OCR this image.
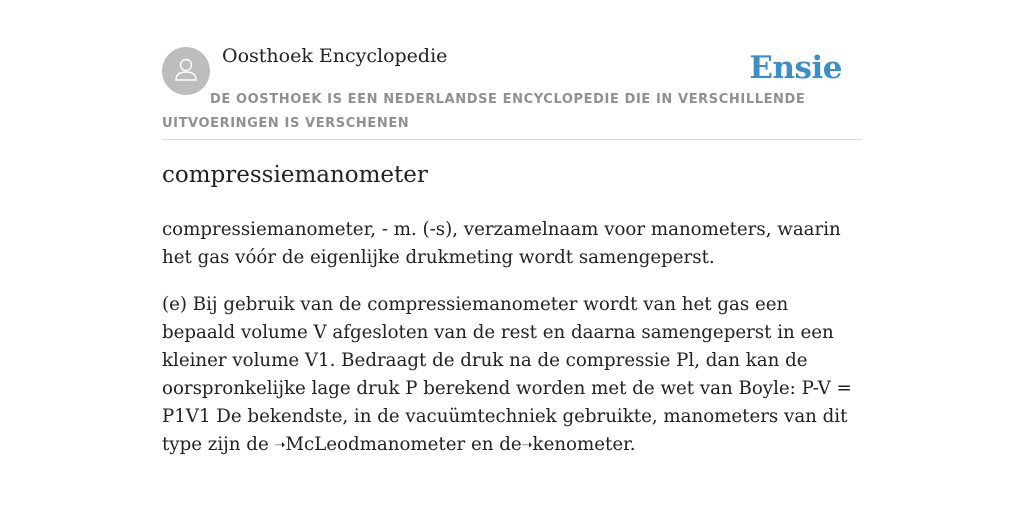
Oosthoek Encyclopedie	Ensie
DE OOSTHOEK IS EEN NEDERLANDSE ENCYCLOPEDIE DIE IN VERSCHILLENDE UITVOERINGEN IS VERSCHENEN
compressiemanometer

compressiemanometer, - m. (-s), verzamelnaam voor manometers, waarin het gas vóór de eigenlijke drukmeting wordt samengeperst.

(e) Bij gebruik van de compressiemanometer wordt van het gas een bepaald volume V afgesloten van de rest en daarna samengeperst in een kleiner volume V1. Bedraagt de druk na de compressie Pl, dan kan de oorspronkelijke lage druk P berekend worden met de wet van Boyle: P-V = P1V1 De bekendste, in de vacuümtechniek gebruikte, manometers van dit type zijn de ➝McLeodmanometer en de➝kenometer.
